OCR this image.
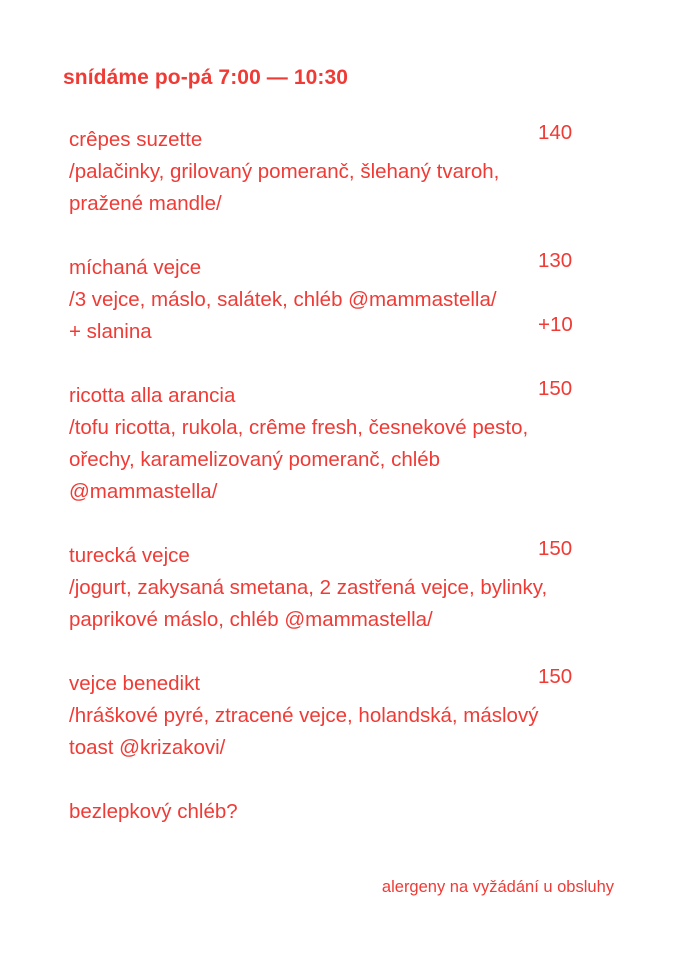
snídáme po-pá 7:00 — 10:30
crêpes suzette
/palačinky, grilovaný pomeranč, šlehaný tvaroh,
pražené mandle/
140
míchaná vejce
/3 vejce, máslo, salátek, chléb @mammastella/
+ slanina
130
+10
ricotta alla arancia
/tofu ricotta, rukola, crême fresh, česnekové pesto,
ořechy, karamelizovaný pomeranč, chléb
@mammastella/
150
turecká vejce
/jogurt, zakysaná smetana, 2 zastřená vejce, bylinky,
paprikové máslo, chléb @mammastella/
150
vejce benedikt
/hráškové pyré, ztracené vejce, holandská, máslový
toast @krizakovi/
150
bezlepkový chléb?
alergeny na vyžádání u obsluhy
